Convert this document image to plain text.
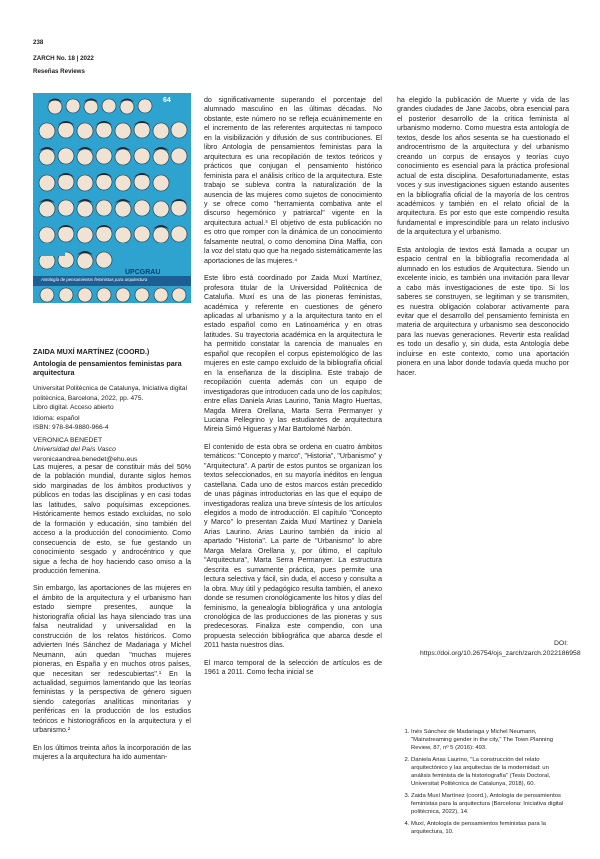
238
ZARCH No. 18 | 2022
Reseñas Reviews
64
UPCGRAU
Antología de pensamientos feministas para arquitectura
ZAIDA MUXÍ MARTÍNEZ (COORD.)
Antología de pensamientos feministas para arquitectura
Universitat Politècnica de Catalunya, Iniciativa digital politècnica, Barcelona, 2022, pp. 475.
Libro digital. Acceso abierto
Idioma: español
ISBN: 978-84-9880-966-4
VERONICA BENEDET
Universidad del País Vasco
veronicaandrea.benedet@ehu.eus

Las mujeres, a pesar de constituir más del 50% de la población mundial, durante siglos hemos sido marginadas de los ámbitos productivos y públicos en todas las disciplinas y en casi todas las latitudes, salvo poquísimas excepciones. Históricamente hemos estado excluidas, no solo de la formación y educación, sino también del acceso a la producción del conocimiento. Como consecuencia de esto, se fue gestando un conocimiento sesgado y androcéntrico y que sigue a fecha de hoy haciendo caso omiso a la producción femenina.

Sin embargo, las aportaciones de las mujeres en el ámbito de la arquitectura y el urbanismo han estado siempre presentes, aunque la historiografía oficial las haya silenciado tras una falsa neutralidad y universalidad en la construcción de los relatos históricos. Como advierten Inés Sánchez de Madariaga y Michel Neumann, aún quedan "muchas mujeres pioneras, en España y en muchos otros países, que necesitan ser redescubiertas".¹ En la actualidad, seguimos lamentando que las teorías feministas y la perspectiva de género siguen siendo categorías analíticas minoritarias y periféricas en la producción de los estudios teóricos e historiográficos en la arquitectura y el urbanismo.²

En los últimos treinta años la incorporación de las mujeres a la arquitectura ha ido aumentan-

do significativamente superando el porcentaje del alumnado masculino en las últimas décadas. No obstante, este número no se refleja ecuánimemente en el incremento de las referentes arquitectas ni tampoco en la visibilización y difusión de sus contribuciones. El libro Antología de pensamientos feministas para la arquitectura es una recopilación de textos teóricos y prácticos que conjugan el pensamiento histórico feminista para el análisis crítico de la arquitectura. Este trabajo se subleva contra la naturalización de la ausencia de las mujeres como sujetos de conocimiento y se ofrece como "herramienta combativa ante el discurso hegemónico y patriarcal" vigente en la arquitectura actual.³ El objetivo de esta publicación no es otro que romper con la dinámica de un conocimiento falsamente neutral, o como denomina Dina Maffia, con la voz del statu quo que ha negado sistemáticamente las aportaciones de las mujeres.⁴

Este libro está coordinado por Zaida Muxí Martínez, profesora titular de la Universidad Politècnica de Cataluña. Muxí es una de las pioneras feministas, académica y referente en cuestiones de género aplicadas al urbanismo y a la arquitectura tanto en el estado español como en Latinoamérica y en otras latitudes. Su trayectoria académica en la arquitectura le ha permitido constatar la carencia de manuales en español que recopilen el corpus epistemológico de las mujeres en este campo excluido de la bibliografía oficial en la enseñanza de la disciplina. Este trabajo de recopilación cuenta además con un equipo de investigadoras que introducen cada uno de los capítulos; entre ellas Daniela Arias Laurino, Tania Magro Huertas, Magda Mirera Orellana, Marta Serra Permanyer y Luciana Pellegrino y las estudiantes de arquitectura Mireia Simó Higueras y Mar Bartolomé Narbón.

El contenido de esta obra se ordena en cuatro ámbitos temáticos: "Concepto y marco", "Historia", "Urbanismo" y "Arquitectura". A partir de estos puntos se organizan los textos seleccionados, en su mayoría inéditos en lengua castellana. Cada uno de estos marcos están precedido de unas páginas introductorias en las que el equipo de investigadoras realiza una breve síntesis de los artículos elegidos a modo de introducción. El capítulo "Concepto y Marco" lo presentan Zaida Muxí Martínez y Daniela Arias Laurino. Arias Laurino también da inicio al apartado "Historia". La parte de "Urbanismo" lo abre Marga Melara Orellana y, por último, el capítulo "Arquitectura", Marta Serra Permanyer. La estructura descrita es sumamente práctica, pues permite una lectura selectiva y fácil, sin duda, el acceso y consulta a la obra. Muy útil y pedagógico resulta también, el anexo donde se resumen cronológicamente los hitos y días del feminismo, la genealogía bibliográfica y una antología cronológica de las producciones de las pioneras y sus predecesoras. Finaliza este compendio, con una propuesta selección bibliográfica que abarca desde el 2011 hasta nuestros días.

El marco temporal de la selección de artículos es de 1961 a 2011. Como fecha inicial se

ha elegido la publicación de Muerte y vida de las grandes ciudades de Jane Jacobs, obra esencial para el posterior desarrollo de la crítica feminista al urbanismo moderno. Como muestra esta antología de textos, desde los años sesenta se ha cuestionado el androcentrismo de la arquitectura y del urbanismo creando un corpus de ensayos y teorías cuyo conocimiento es esencial para la práctica profesional actual de esta disciplina. Desafortunadamente, estas voces y sus investigaciones siguen estando ausentes en la bibliografía oficial de la mayoría de los centros académicos y también en el relato oficial de la arquitectura. Es por esto que este compendio resulta fundamental e imprescindible para un relato inclusivo de la arquitectura y el urbanismo.

Esta antología de textos está llamada a ocupar un espacio central en la bibliografía recomendada al alumnado en los estudios de Arquitectura. Siendo un excelente inicio, es también una invitación para llevar a cabo más investigaciones de este tipo. Si los saberes se construyen, se legitiman y se transmiten, es nuestra obligación colaborar activamente para evitar que el desarrollo del pensamiento feminista en materia de arquitectura y urbanismo sea desconocido para las nuevas generaciones. Revertir esta realidad es todo un desafío y, sin duda, esta Antología debe incluirse en este contexto, como una aportación pionera en una labor donde todavía queda mucho por hacer.

DOI: https://doi.org/10.26754/ojs_zarch/zarch.2022186958
1. Inés Sánchez de Madariaga y Michel Neumann, "Mainstreaming gender in the city," The Town Planning Review, 87, nº 5 (2016): 493.
2. Daniela Arias Laurino, "La construcción del relato arquitectónico y las arquitectas de la modernidad: un análisis feminista de la historiografía" (Tesis Doctoral, Universitat Politècnica de Catalunya, 2018), 60.
3. Zaida Muxí Martínez (coord.), Antología de pensamientos feministas para la arquitectura (Barcelona: Iniciativa digital politècnica, 2022), 14.
4. Muxí, Antología de pensamientos feministas para la arquitectura, 10.
